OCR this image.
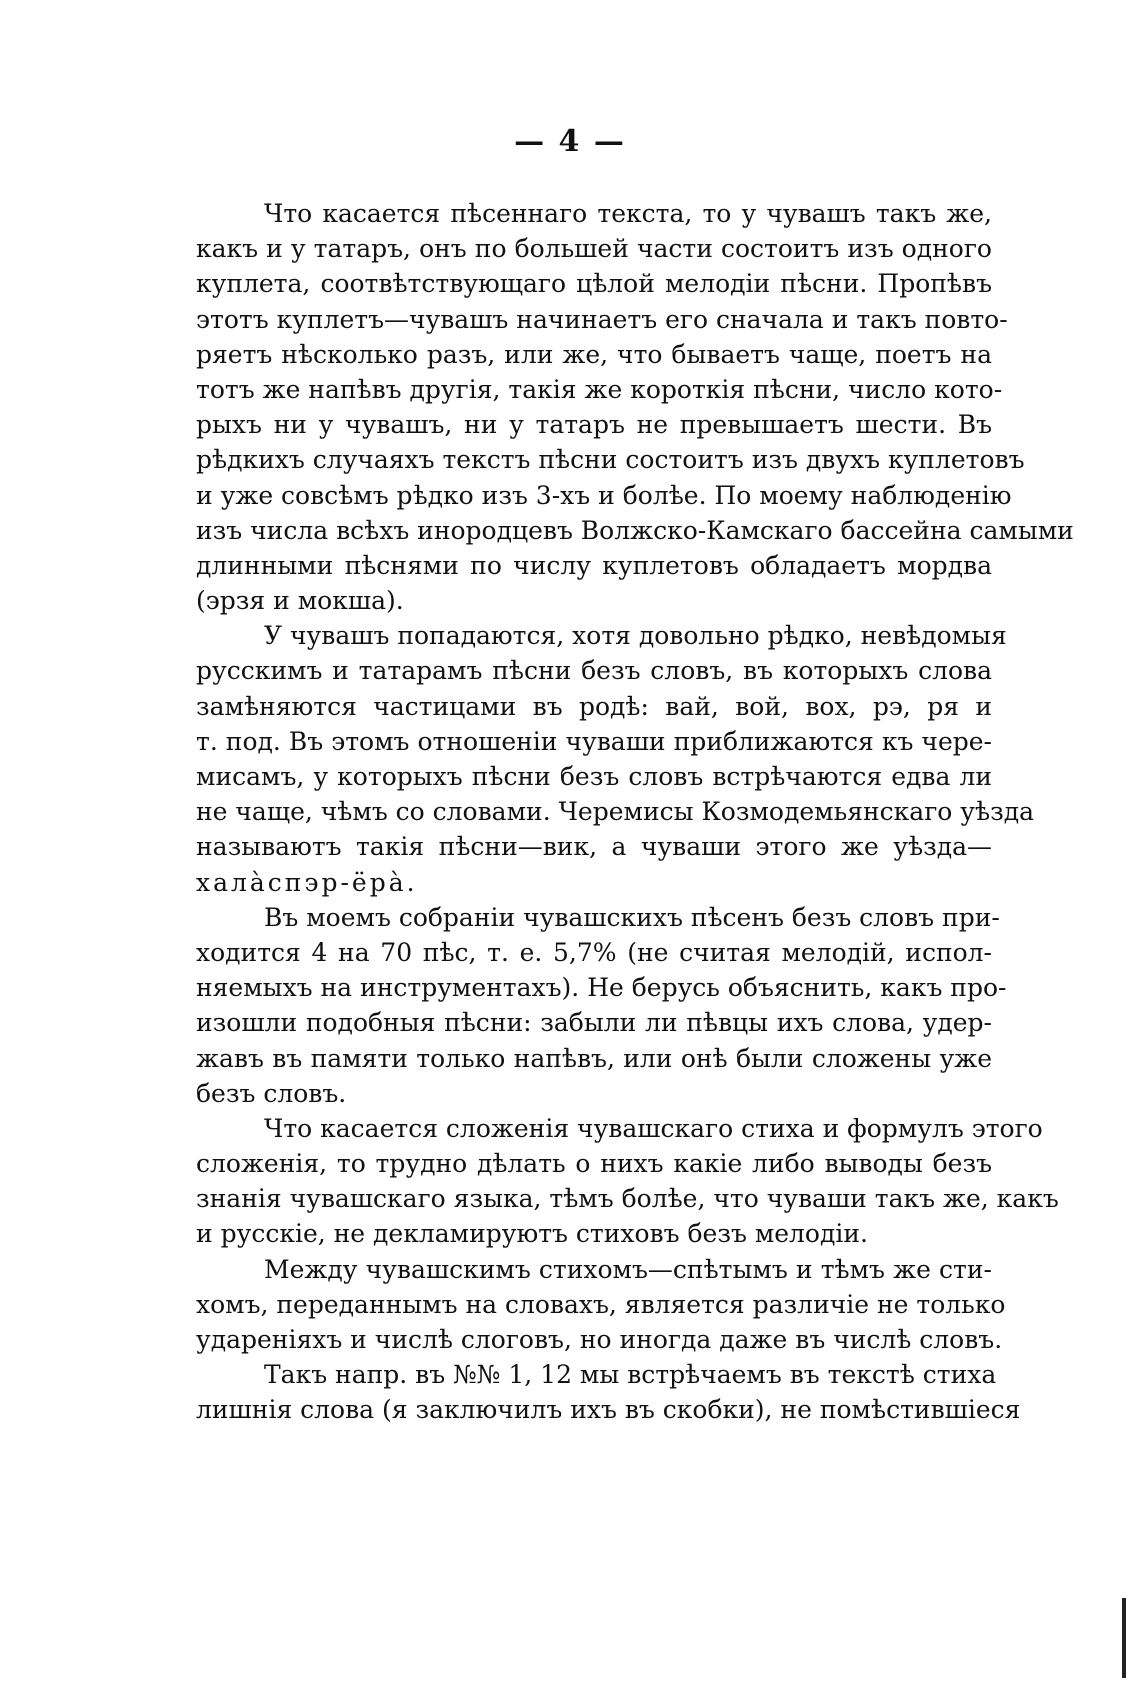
— 4 —
Что касается пѣсеннаго текста, то у чувашъ такъ же,
какъ и у татаръ, онъ по большей части состоитъ изъ одного
куплета, соотвѣтствующаго цѣлой мелодіи пѣсни. Пропѣвъ
этотъ куплетъ—чувашъ начинаетъ его сначала и такъ повто-
ряетъ нѣсколько разъ, или же, что бываетъ чаще, поетъ на
тотъ же напѣвъ другія, такія же короткія пѣсни, число кото-
рыхъ ни у чувашъ, ни у татаръ не превышаетъ шести. Въ
рѣдкихъ случаяхъ текстъ пѣсни состоитъ изъ двухъ куплетовъ
и уже совсѣмъ рѣдко изъ 3-хъ и болѣе. По моему наблюденію
изъ числа всѣхъ инородцевъ Волжско-Камскаго бассейна самыми
длинными пѣснями по числу куплетовъ обладаетъ мордва
(эрзя и мокша).
У чувашъ попадаются, хотя довольно рѣдко, невѣдомыя
русскимъ и татарамъ пѣсни безъ словъ, въ которыхъ слова
замѣняются частицами въ родѣ: вай, вой, вох, рэ, ря и
т. под. Въ этомъ отношеніи чуваши приближаются къ чере-
мисамъ, у которыхъ пѣсни безъ словъ встрѣчаются едва ли
не чаще, чѣмъ со словами. Черемисы Козмодемьянскаго уѣзда
называютъ такія пѣсни—вик, а чуваши этого же уѣзда—
халàспэр-ёрà.
Въ моемъ собраніи чувашскихъ пѣсенъ безъ словъ при-
ходится 4 на 70 пѣс, т. е. 5,7% (не считая мелодій, испол-
няемыхъ на инструментахъ). Не берусь объяснить, какъ про-
изошли подобныя пѣсни: забыли ли пѣвцы ихъ слова, удер-
жавъ въ памяти только напѣвъ, или онѣ были сложены уже
безъ словъ.
Что касается сложенія чувашскаго стиха и формулъ этого
сложенія, то трудно дѣлать о нихъ какіе либо выводы безъ
знанія чувашскаго языка, тѣмъ болѣе, что чуваши такъ же, какъ
и русскіе, не декламируютъ стиховъ безъ мелодіи.
Между чувашскимъ стихомъ—спѣтымъ и тѣмъ же сти-
хомъ, переданнымъ на словахъ, является различіе не только
удареніяхъ и числѣ слоговъ, но иногда даже въ числѣ словъ.
Такъ напр. въ №№ 1, 12 мы встрѣчаемъ въ текстѣ стиха
лишнія слова (я заключилъ ихъ въ скобки), не помѣстившіеся
